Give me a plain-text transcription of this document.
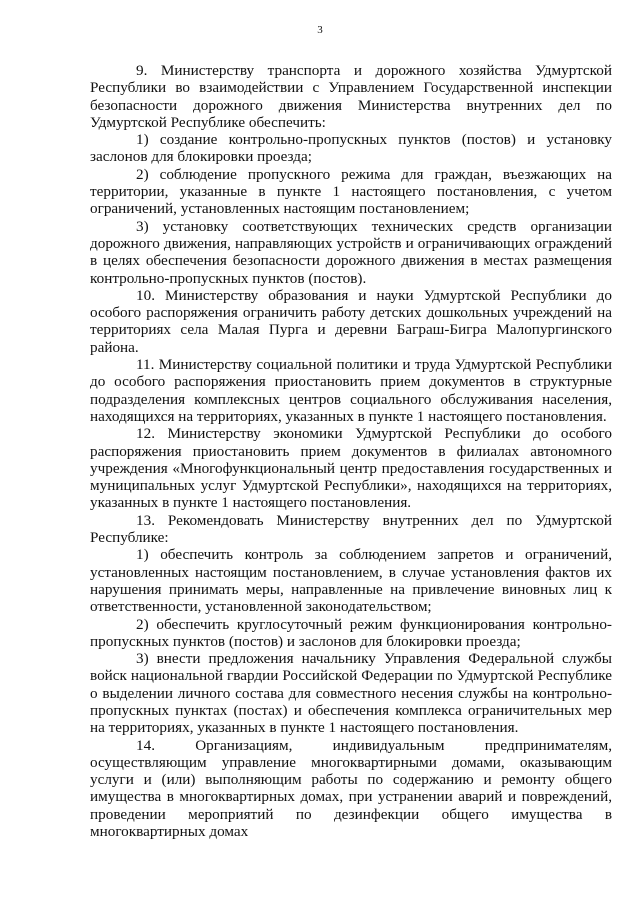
3

9. Министерству транспорта и дорожного хозяйства Удмуртской Республики во взаимодействии с Управлением Государственной инспекции безопасности дорожного движения Министерства внутренних дел по Удмуртской Республике обеспечить:

1) создание контрольно-пропускных пунктов (постов) и установку заслонов для блокировки проезда;

2) соблюдение пропускного режима для граждан, въезжающих на территории, указанные в пункте 1 настоящего постановления, с учетом ограничений, установленных настоящим постановлением;

3) установку соответствующих технических средств организации дорожного движения, направляющих устройств и ограничивающих ограждений в целях обеспечения безопасности дорожного движения в местах размещения контрольно-пропускных пунктов (постов).

10. Министерству образования и науки Удмуртской Республики до особого распоряжения ограничить работу детских дошкольных учреждений на территориях села Малая Пурга и деревни Баграш-Бигра Малопургинского района.

11. Министерству социальной политики и труда Удмуртской Республики до особого распоряжения приостановить прием документов в структурные подразделения комплексных центров социального обслуживания населения, находящихся на территориях, указанных в пункте 1 настоящего постановления.

12. Министерству экономики Удмуртской Республики до особого распоряжения приостановить прием документов в филиалах автономного учреждения «Многофункциональный центр предоставления государственных и муниципальных услуг Удмуртской Республики», находящихся на территориях, указанных в пункте 1 настоящего постановления.

13. Рекомендовать Министерству внутренних дел по Удмуртской Республике:

1) обеспечить контроль за соблюдением запретов и ограничений, установленных настоящим постановлением, в случае установления фактов их нарушения принимать меры, направленные на привлечение виновных лиц к ответственности, установленной законодательством;

2) обеспечить круглосуточный режим функционирования контрольно-пропускных пунктов (постов) и заслонов для блокировки проезда;

3) внести предложения начальнику Управления Федеральной службы войск национальной гвардии Российской Федерации по Удмуртской Республике о выделении личного состава для совместного несения службы на контрольно-пропускных пунктах (постах) и обеспечения комплекса ограничительных мер на территориях, указанных в пункте 1 настоящего постановления.

14. Организациям, индивидуальным предпринимателям, осуществляющим управление многоквартирными домами, оказывающим услуги и (или) выполняющим работы по содержанию и ремонту общего имущества в многоквартирных домах, при устранении аварий и повреждений, проведении мероприятий по дезинфекции общего имущества в многоквартирных домах
